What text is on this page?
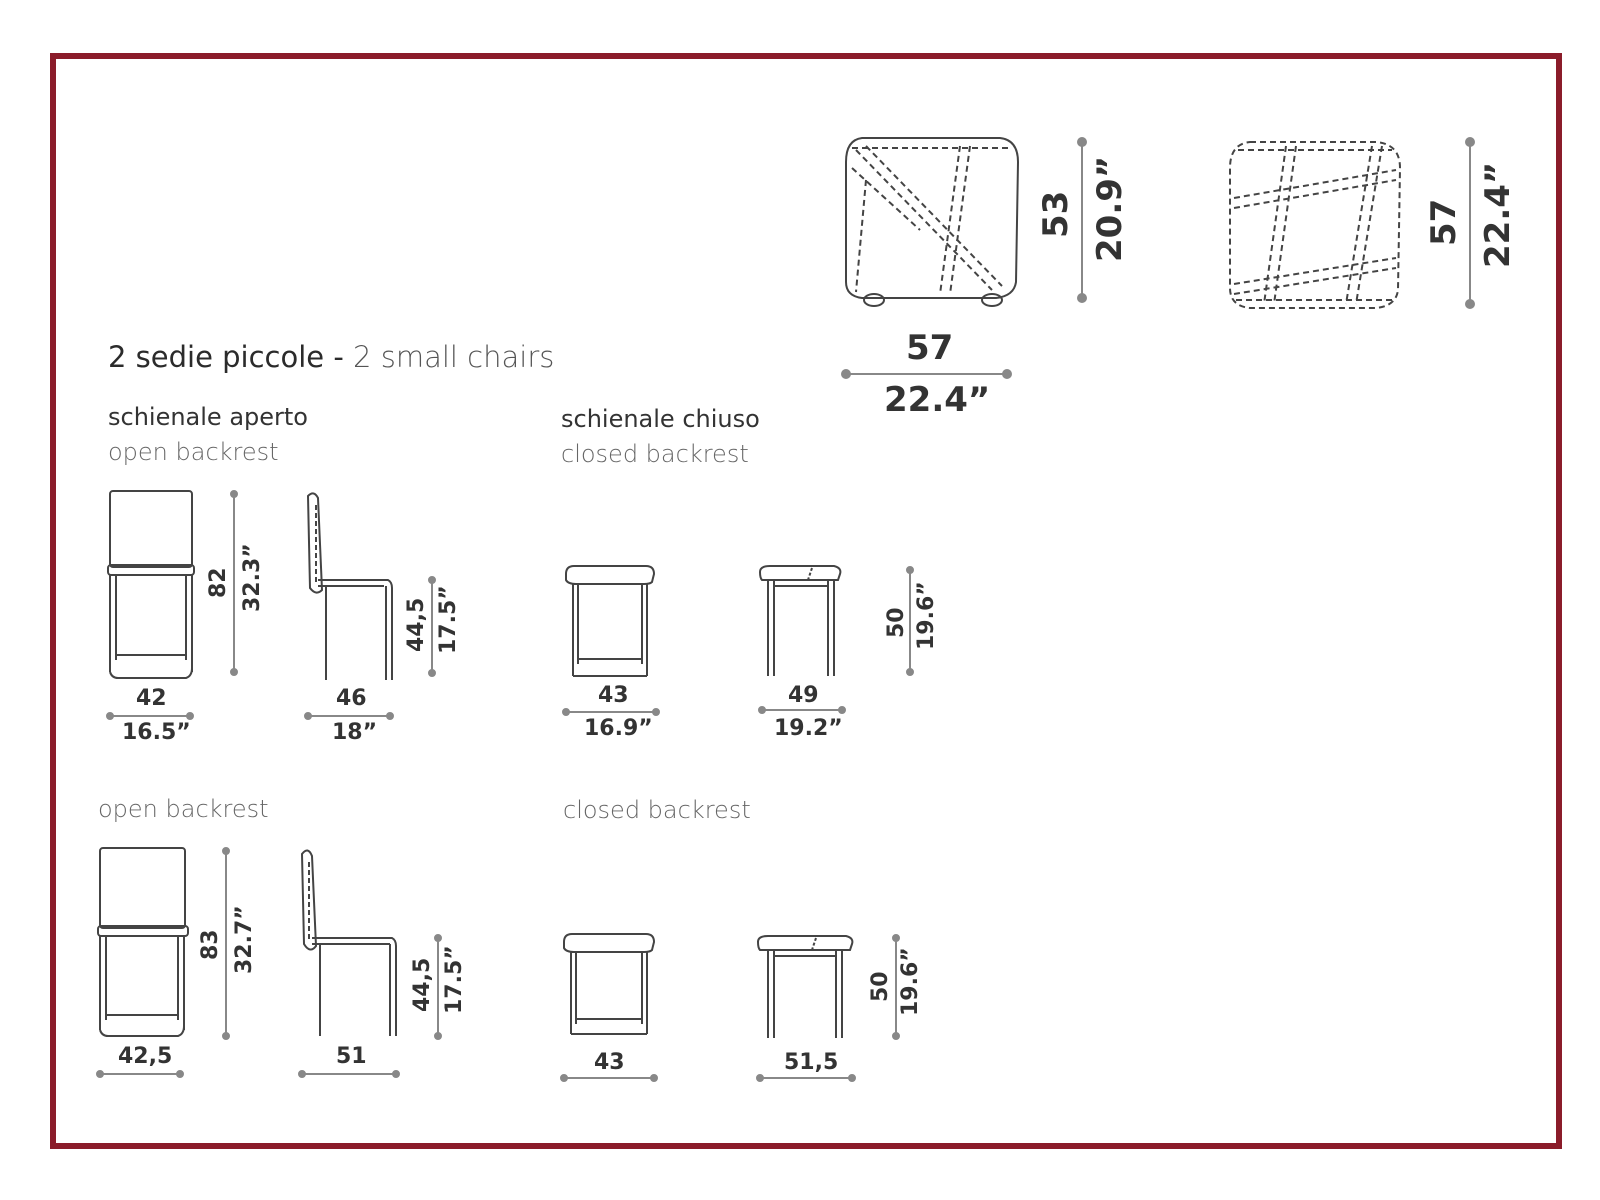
2 sedie piccole - 2 small chairs	57
22.4”
53 20.9”	57 22.4”
schienale aperto
open backrest
schienale chiuso
closed backrest
42
16.5”
82 32.3”
46
18”
44,5 17.5”
43
16.9”
49
19.2”
50 19.6”
open backrest	closed backrest
42,5
83 32.7”
51
44,5 17.5”
43	51,5
50 19.6”
